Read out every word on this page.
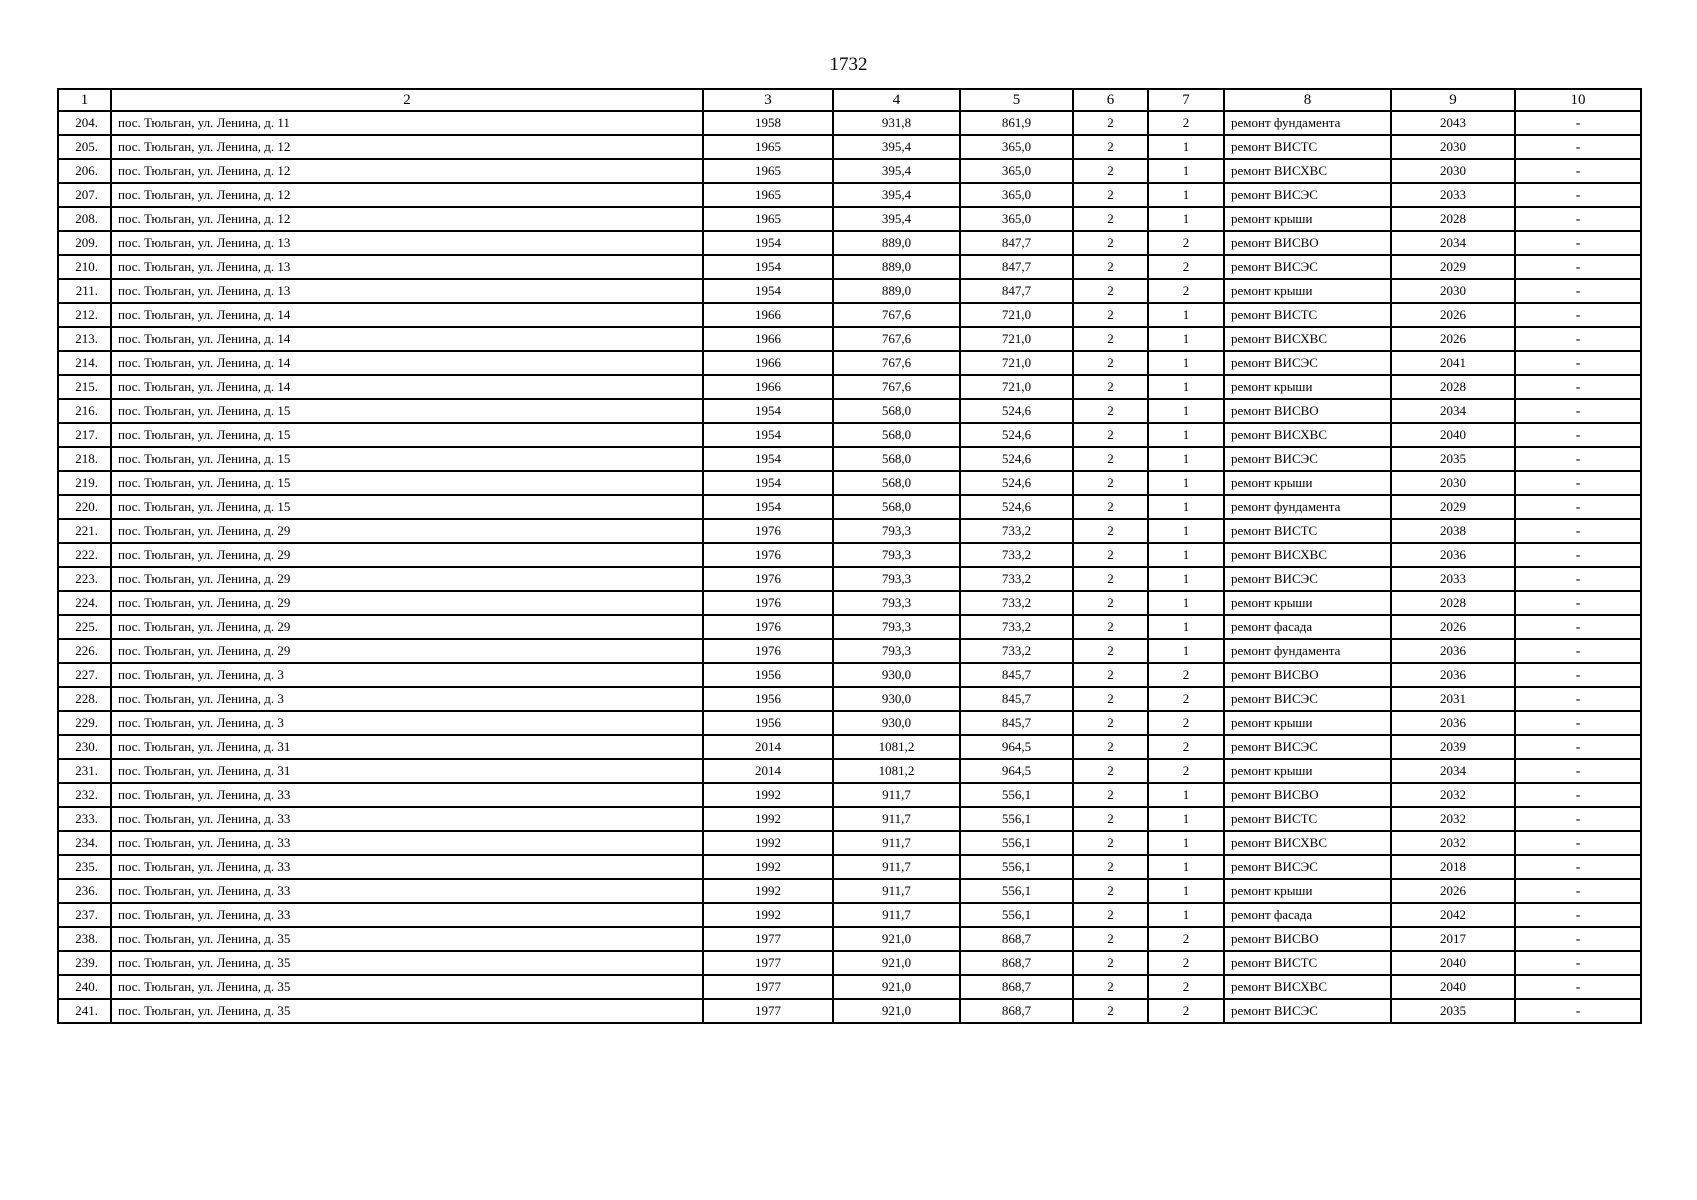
1732
1	2	3	4	5	6	7	8	9	10
204.	пос. Тюльган, ул. Ленина, д. 11	1958	931,8	861,9	2	2	ремонт фундамента	2043	-
205.	пос. Тюльган, ул. Ленина, д. 12	1965	395,4	365,0	2	1	ремонт ВИСТС	2030	-
206.	пос. Тюльган, ул. Ленина, д. 12	1965	395,4	365,0	2	1	ремонт ВИСХВС	2030	-
207.	пос. Тюльган, ул. Ленина, д. 12	1965	395,4	365,0	2	1	ремонт ВИСЭС	2033	-
208.	пос. Тюльган, ул. Ленина, д. 12	1965	395,4	365,0	2	1	ремонт крыши	2028	-
209.	пос. Тюльган, ул. Ленина, д. 13	1954	889,0	847,7	2	2	ремонт ВИСВО	2034	-
210.	пос. Тюльган, ул. Ленина, д. 13	1954	889,0	847,7	2	2	ремонт ВИСЭС	2029	-
211.	пос. Тюльган, ул. Ленина, д. 13	1954	889,0	847,7	2	2	ремонт крыши	2030	-
212.	пос. Тюльган, ул. Ленина, д. 14	1966	767,6	721,0	2	1	ремонт ВИСТС	2026	-
213.	пос. Тюльган, ул. Ленина, д. 14	1966	767,6	721,0	2	1	ремонт ВИСХВС	2026	-
214.	пос. Тюльган, ул. Ленина, д. 14	1966	767,6	721,0	2	1	ремонт ВИСЭС	2041	-
215.	пос. Тюльган, ул. Ленина, д. 14	1966	767,6	721,0	2	1	ремонт крыши	2028	-
216.	пос. Тюльган, ул. Ленина, д. 15	1954	568,0	524,6	2	1	ремонт ВИСВО	2034	-
217.	пос. Тюльган, ул. Ленина, д. 15	1954	568,0	524,6	2	1	ремонт ВИСХВС	2040	-
218.	пос. Тюльган, ул. Ленина, д. 15	1954	568,0	524,6	2	1	ремонт ВИСЭС	2035	-
219.	пос. Тюльган, ул. Ленина, д. 15	1954	568,0	524,6	2	1	ремонт крыши	2030	-
220.	пос. Тюльган, ул. Ленина, д. 15	1954	568,0	524,6	2	1	ремонт фундамента	2029	-
221.	пос. Тюльган, ул. Ленина, д. 29	1976	793,3	733,2	2	1	ремонт ВИСТС	2038	-
222.	пос. Тюльган, ул. Ленина, д. 29	1976	793,3	733,2	2	1	ремонт ВИСХВС	2036	-
223.	пос. Тюльган, ул. Ленина, д. 29	1976	793,3	733,2	2	1	ремонт ВИСЭС	2033	-
224.	пос. Тюльган, ул. Ленина, д. 29	1976	793,3	733,2	2	1	ремонт крыши	2028	-
225.	пос. Тюльган, ул. Ленина, д. 29	1976	793,3	733,2	2	1	ремонт фасада	2026	-
226.	пос. Тюльган, ул. Ленина, д. 29	1976	793,3	733,2	2	1	ремонт фундамента	2036	-
227.	пос. Тюльган, ул. Ленина, д. 3	1956	930,0	845,7	2	2	ремонт ВИСВО	2036	-
228.	пос. Тюльган, ул. Ленина, д. 3	1956	930,0	845,7	2	2	ремонт ВИСЭС	2031	-
229.	пос. Тюльган, ул. Ленина, д. 3	1956	930,0	845,7	2	2	ремонт крыши	2036	-
230.	пос. Тюльган, ул. Ленина, д. 31	2014	1081,2	964,5	2	2	ремонт ВИСЭС	2039	-
231.	пос. Тюльган, ул. Ленина, д. 31	2014	1081,2	964,5	2	2	ремонт крыши	2034	-
232.	пос. Тюльган, ул. Ленина, д. 33	1992	911,7	556,1	2	1	ремонт ВИСВО	2032	-
233.	пос. Тюльган, ул. Ленина, д. 33	1992	911,7	556,1	2	1	ремонт ВИСТС	2032	-
234.	пос. Тюльган, ул. Ленина, д. 33	1992	911,7	556,1	2	1	ремонт ВИСХВС	2032	-
235.	пос. Тюльган, ул. Ленина, д. 33	1992	911,7	556,1	2	1	ремонт ВИСЭС	2018	-
236.	пос. Тюльган, ул. Ленина, д. 33	1992	911,7	556,1	2	1	ремонт крыши	2026	-
237.	пос. Тюльган, ул. Ленина, д. 33	1992	911,7	556,1	2	1	ремонт фасада	2042	-
238.	пос. Тюльган, ул. Ленина, д. 35	1977	921,0	868,7	2	2	ремонт ВИСВО	2017	-
239.	пос. Тюльган, ул. Ленина, д. 35	1977	921,0	868,7	2	2	ремонт ВИСТС	2040	-
240.	пос. Тюльган, ул. Ленина, д. 35	1977	921,0	868,7	2	2	ремонт ВИСХВС	2040	-
241.	пос. Тюльган, ул. Ленина, д. 35	1977	921,0	868,7	2	2	ремонт ВИСЭС	2035	-
